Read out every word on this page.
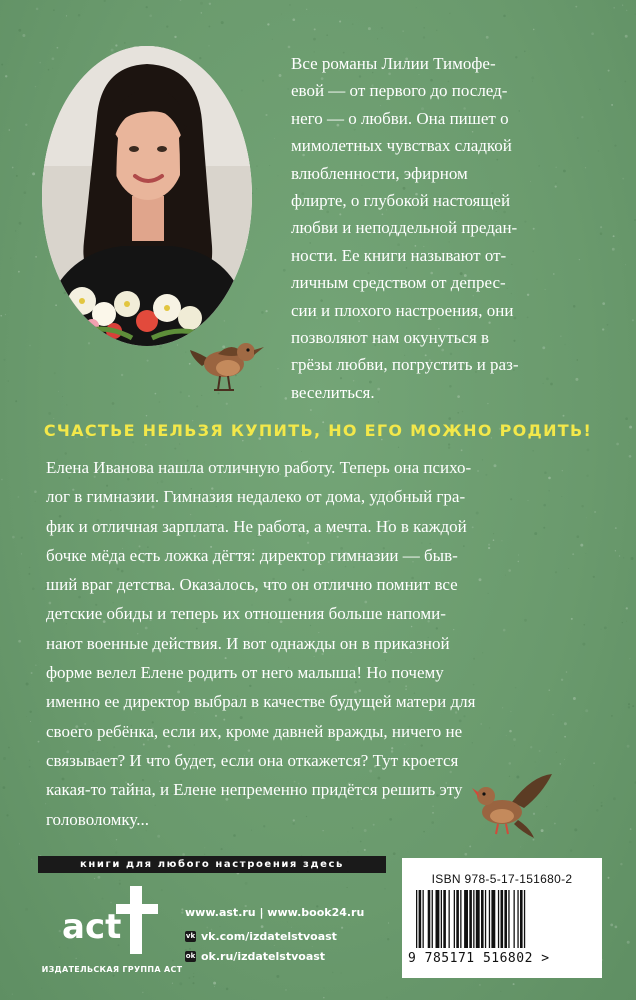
Все романы Лилии Тимофе-
евой — от первого до послед-
него — о любви. Она пишет о
мимолетных чувствах сладкой
влюбленности, эфирном
флирте, о глубокой настоящей
любви и неподдельной предан-
ности. Ее книги называют от-
личным средством от депрес-
сии и плохого настроения, они
позволяют нам окунуться в
грёзы любви, погрустить и раз-
веселиться.

СЧАСТЬЕ НЕЛЬЗЯ КУПИТЬ, НО ЕГО МОЖНО РОДИТЬ!

Елена Иванова нашла отличную работу. Теперь она психо-
лог в гимназии. Гимназия недалеко от дома, удобный гра-
фик и отличная зарплата. Не работа, а мечта. Но в каждой
бочке мёда есть ложка дёгтя: директор гимназии — быв-
ший враг детства. Оказалось, что он отлично помнит все
детские обиды и теперь их отношения больше напоми-
нают военные действия. И вот однажды он в приказной
форме велел Елене родить от него малыша! Но почему
именно ее директор выбрал в качестве будущей матери для
своего ребёнка, если их, кроме давней вражды, ничего не
связывает? И что будет, если она откажется? Тут кроется
какая-то тайна, и Елене непременно придётся решить эту
головоломку...

книги для любого настроения здесь
act

ИЗДАТЕЛЬСКАЯ ГРУППА АСТ

www.ast.ru | www.book24.ru
vk vk.com/izdatelstvoast
ok ok.ru/izdatelstvoast
ISBN 978-5-17-151680-2
9 785171 516802 >
